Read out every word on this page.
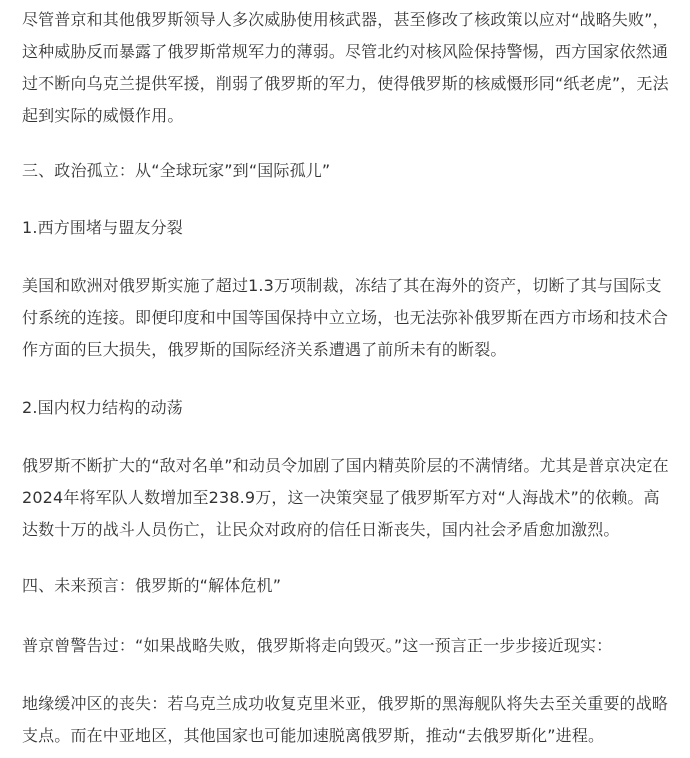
尽管普京和其他俄罗斯领导人多次威胁使用核武器，甚至修改了核政策以应对“战略失败”，这种威胁反而暴露了俄罗斯常规军力的薄弱。尽管北约对核风险保持警惕，西方国家依然通过不断向乌克兰提供军援，削弱了俄罗斯的军力，使得俄罗斯的核威慑形同“纸老虎”，无法起到实际的威慑作用。

三、政治孤立：从“全球玩家”到“国际孤儿”

1.西方围堵与盟友分裂

美国和欧洲对俄罗斯实施了超过1.3万项制裁，冻结了其在海外的资产，切断了其与国际支付系统的连接。即便印度和中国等国保持中立立场，也无法弥补俄罗斯在西方市场和技术合作方面的巨大损失，俄罗斯的国际经济关系遭遇了前所未有的断裂。

2.国内权力结构的动荡

俄罗斯不断扩大的“敌对名单”和动员令加剧了国内精英阶层的不满情绪。尤其是普京决定在2024年将军队人数增加至238.9万，这一决策突显了俄罗斯军方对“人海战术”的依赖。高达数十万的战斗人员伤亡，让民众对政府的信任日渐丧失，国内社会矛盾愈加激烈。

四、未来预言：俄罗斯的“解体危机”

普京曾警告过：“如果战略失败，俄罗斯将走向毁灭。”这一预言正一步步接近现实：

地缘缓冲区的丧失：若乌克兰成功收复克里米亚，俄罗斯的黑海舰队将失去至关重要的战略支点。而在中亚地区，其他国家也可能加速脱离俄罗斯，推动“去俄罗斯化”进程。
